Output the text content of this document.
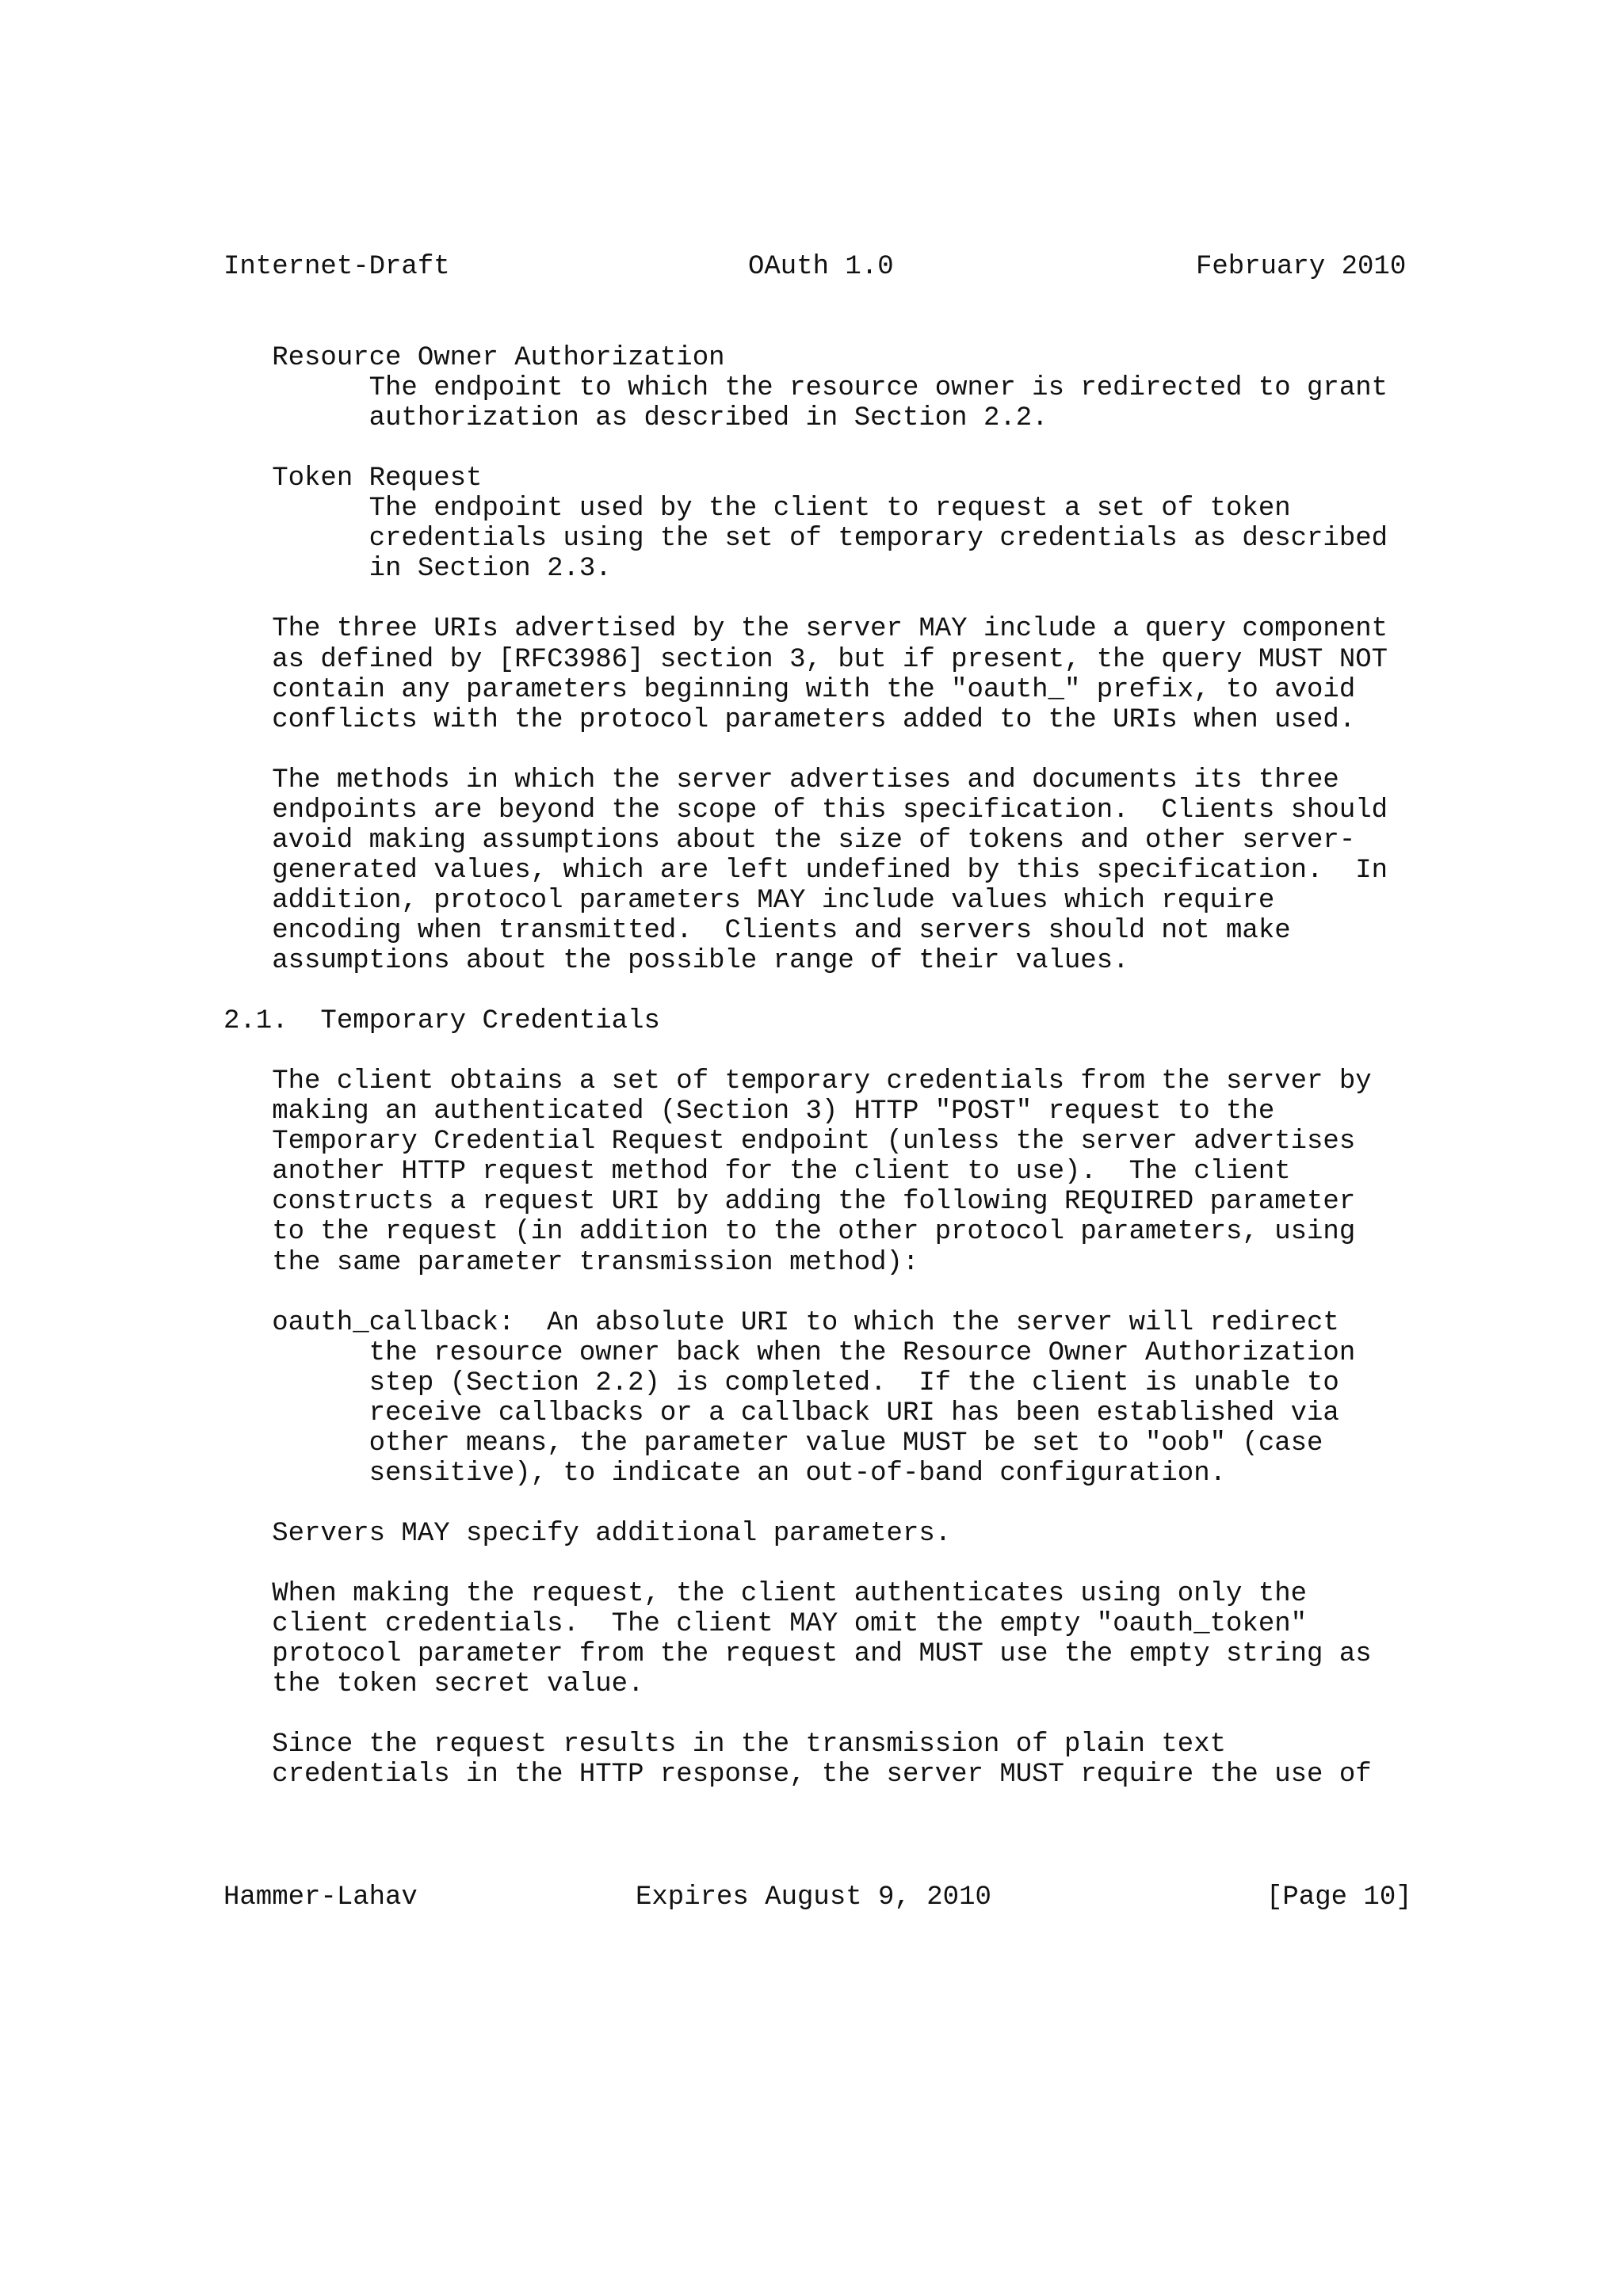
Internet-Draft	OAuth 1.0	February 2010
Resource Owner Authorization
The endpoint to which the resource owner is redirected to grant
authorization as described in Section 2.2.
Token Request
The endpoint used by the client to request a set of token
credentials using the set of temporary credentials as described
in Section 2.3.
The three URIs advertised by the server MAY include a query component
as defined by [RFC3986] section 3, but if present, the query MUST NOT
contain any parameters beginning with the "oauth_" prefix, to avoid
conflicts with the protocol parameters added to the URIs when used.
The methods in which the server advertises and documents its three
endpoints are beyond the scope of this specification.  Clients should
avoid making assumptions about the size of tokens and other server-
generated values, which are left undefined by this specification.  In
addition, protocol parameters MAY include values which require
encoding when transmitted.  Clients and servers should not make
assumptions about the possible range of their values.
2.1.  Temporary Credentials
The client obtains a set of temporary credentials from the server by
making an authenticated (Section 3) HTTP "POST" request to the
Temporary Credential Request endpoint (unless the server advertises
another HTTP request method for the client to use).  The client
constructs a request URI by adding the following REQUIRED parameter
to the request (in addition to the other protocol parameters, using
the same parameter transmission method):
oauth_callback:  An absolute URI to which the server will redirect
the resource owner back when the Resource Owner Authorization
step (Section 2.2) is completed.  If the client is unable to
receive callbacks or a callback URI has been established via
other means, the parameter value MUST be set to "oob" (case
sensitive), to indicate an out-of-band configuration.
Servers MAY specify additional parameters.
When making the request, the client authenticates using only the
client credentials.  The client MAY omit the empty "oauth_token"
protocol parameter from the request and MUST use the empty string as
the token secret value.
Since the request results in the transmission of plain text
credentials in the HTTP response, the server MUST require the use of
Hammer-Lahav	Expires August 9, 2010	[Page 10]
